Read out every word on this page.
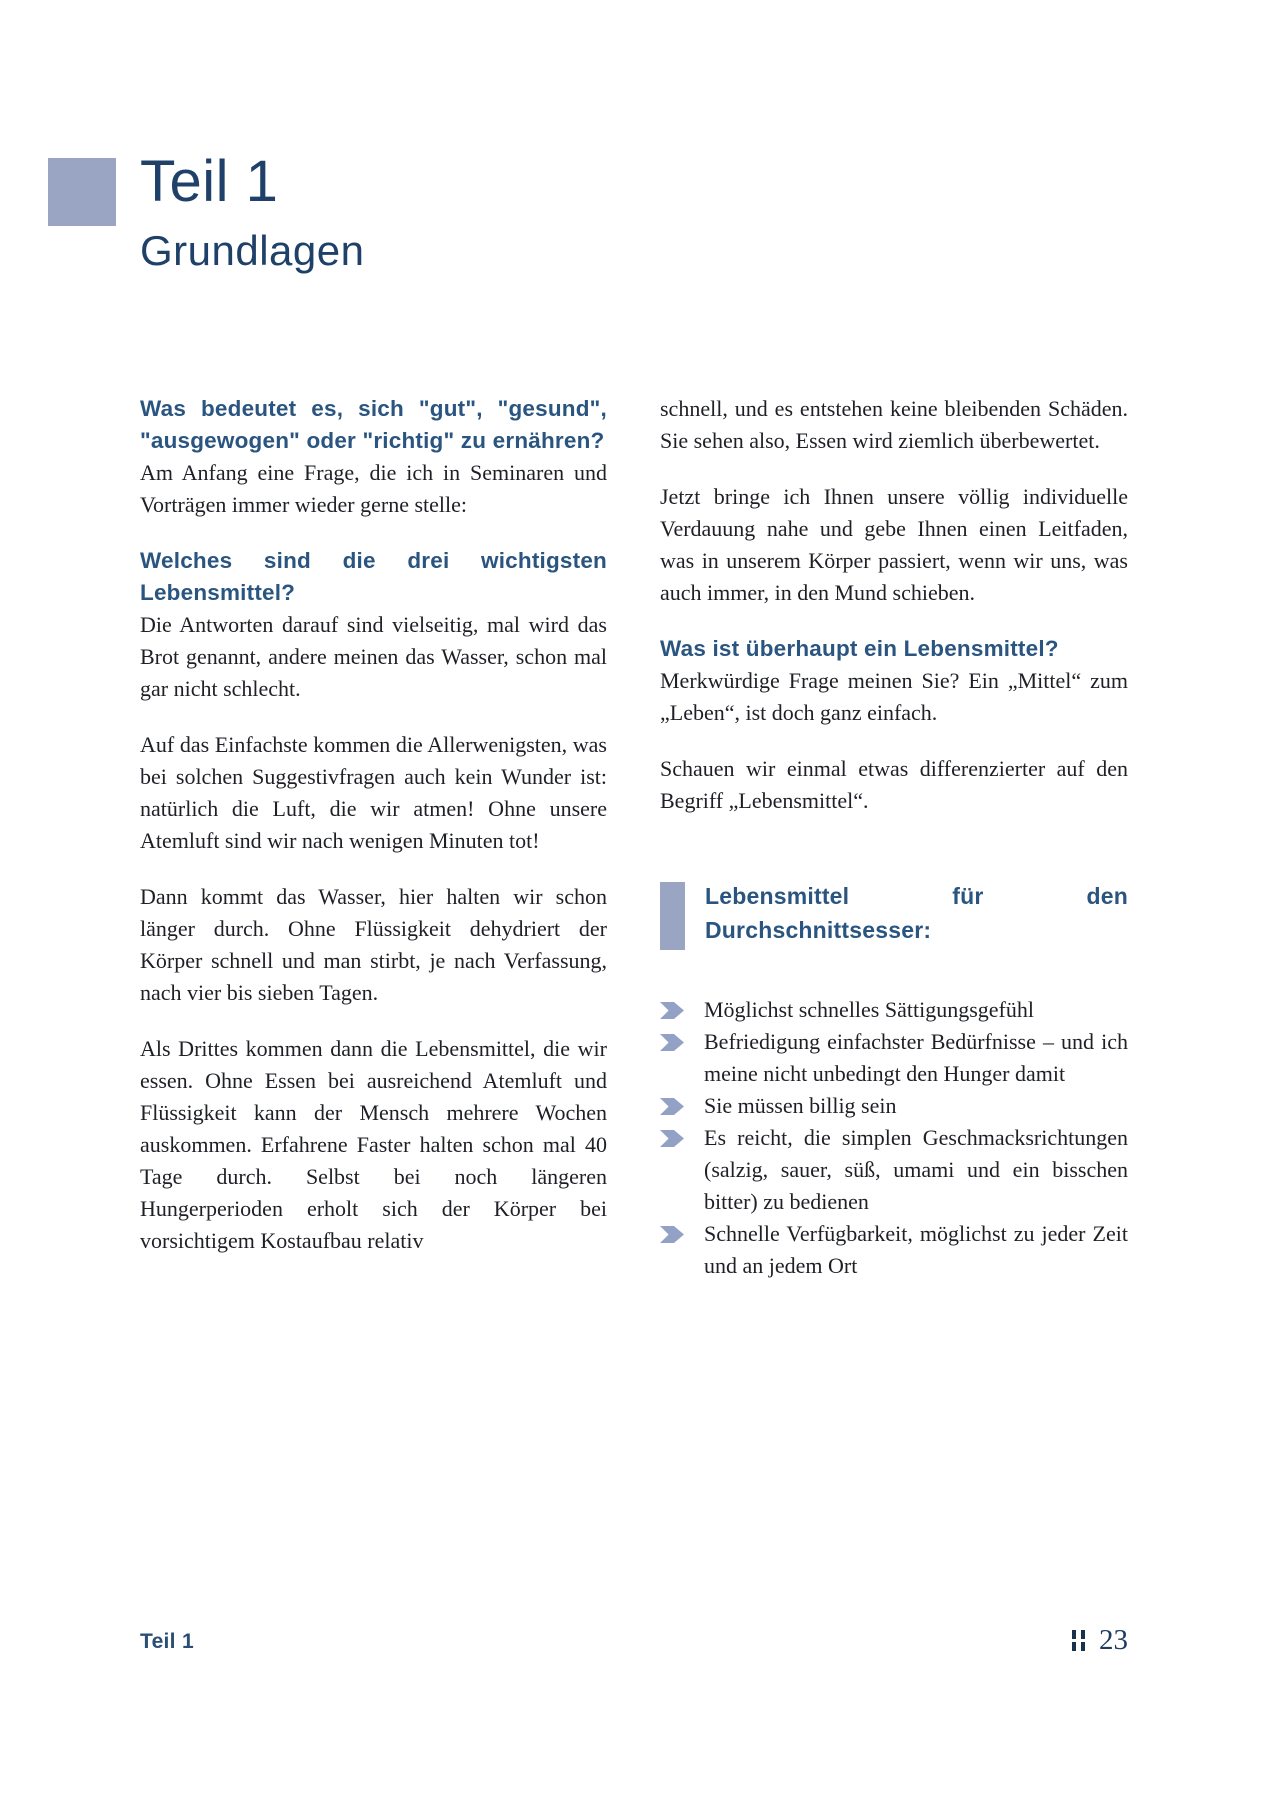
Teil 1
Grundlagen
Was bedeutet es, sich "gut", "gesund", "ausgewogen" oder "richtig" zu ernähren?

Am Anfang eine Frage, die ich in Seminaren und Vorträgen immer wieder gerne stelle:

Welches sind die drei wichtigsten Lebensmittel?

Die Antworten darauf sind vielseitig, mal wird das Brot genannt, andere meinen das Wasser, schon mal gar nicht schlecht.

Auf das Einfachste kommen die Allerwenigsten, was bei solchen Suggestivfragen auch kein Wunder ist: natürlich die Luft, die wir atmen! Ohne unsere Atemluft sind wir nach wenigen Minuten tot!

Dann kommt das Wasser, hier halten wir schon länger durch. Ohne Flüssigkeit dehydriert der Körper schnell und man stirbt, je nach Verfassung, nach vier bis sieben Tagen.

Als Drittes kommen dann die Lebensmittel, die wir essen. Ohne Essen bei ausreichend Atemluft und Flüssigkeit kann der Mensch mehrere Wochen auskommen. Erfahrene Faster halten schon mal 40 Tage durch. Selbst bei noch längeren Hungerperioden erholt sich der Körper bei vorsichtigem Kostaufbau relativ

schnell, und es entstehen keine bleibenden Schäden. Sie sehen also, Essen wird ziemlich überbewertet.

Jetzt bringe ich Ihnen unsere völlig individuelle Verdauung nahe und gebe Ihnen einen Leitfaden, was in unserem Körper passiert, wenn wir uns, was auch immer, in den Mund schieben.

Was ist überhaupt ein Lebensmittel?

Merkwürdige Frage meinen Sie? Ein „Mittel“ zum „Leben“, ist doch ganz einfach.

Schauen wir einmal etwas differenzierter auf den Begriff „Lebensmittel“.

Lebensmittel für den Durchschnittsesser:
Möglichst schnelles Sättigungsgefühl
Befriedigung einfachster Bedürfnisse – und ich meine nicht unbedingt den Hunger damit
Sie müssen billig sein
Es reicht, die simplen Geschmacksrichtungen (salzig, sauer, süß, umami und ein bisschen bitter) zu bedienen
Schnelle Verfügbarkeit, möglichst zu jeder Zeit und an jedem Ort
Teil 1	23
